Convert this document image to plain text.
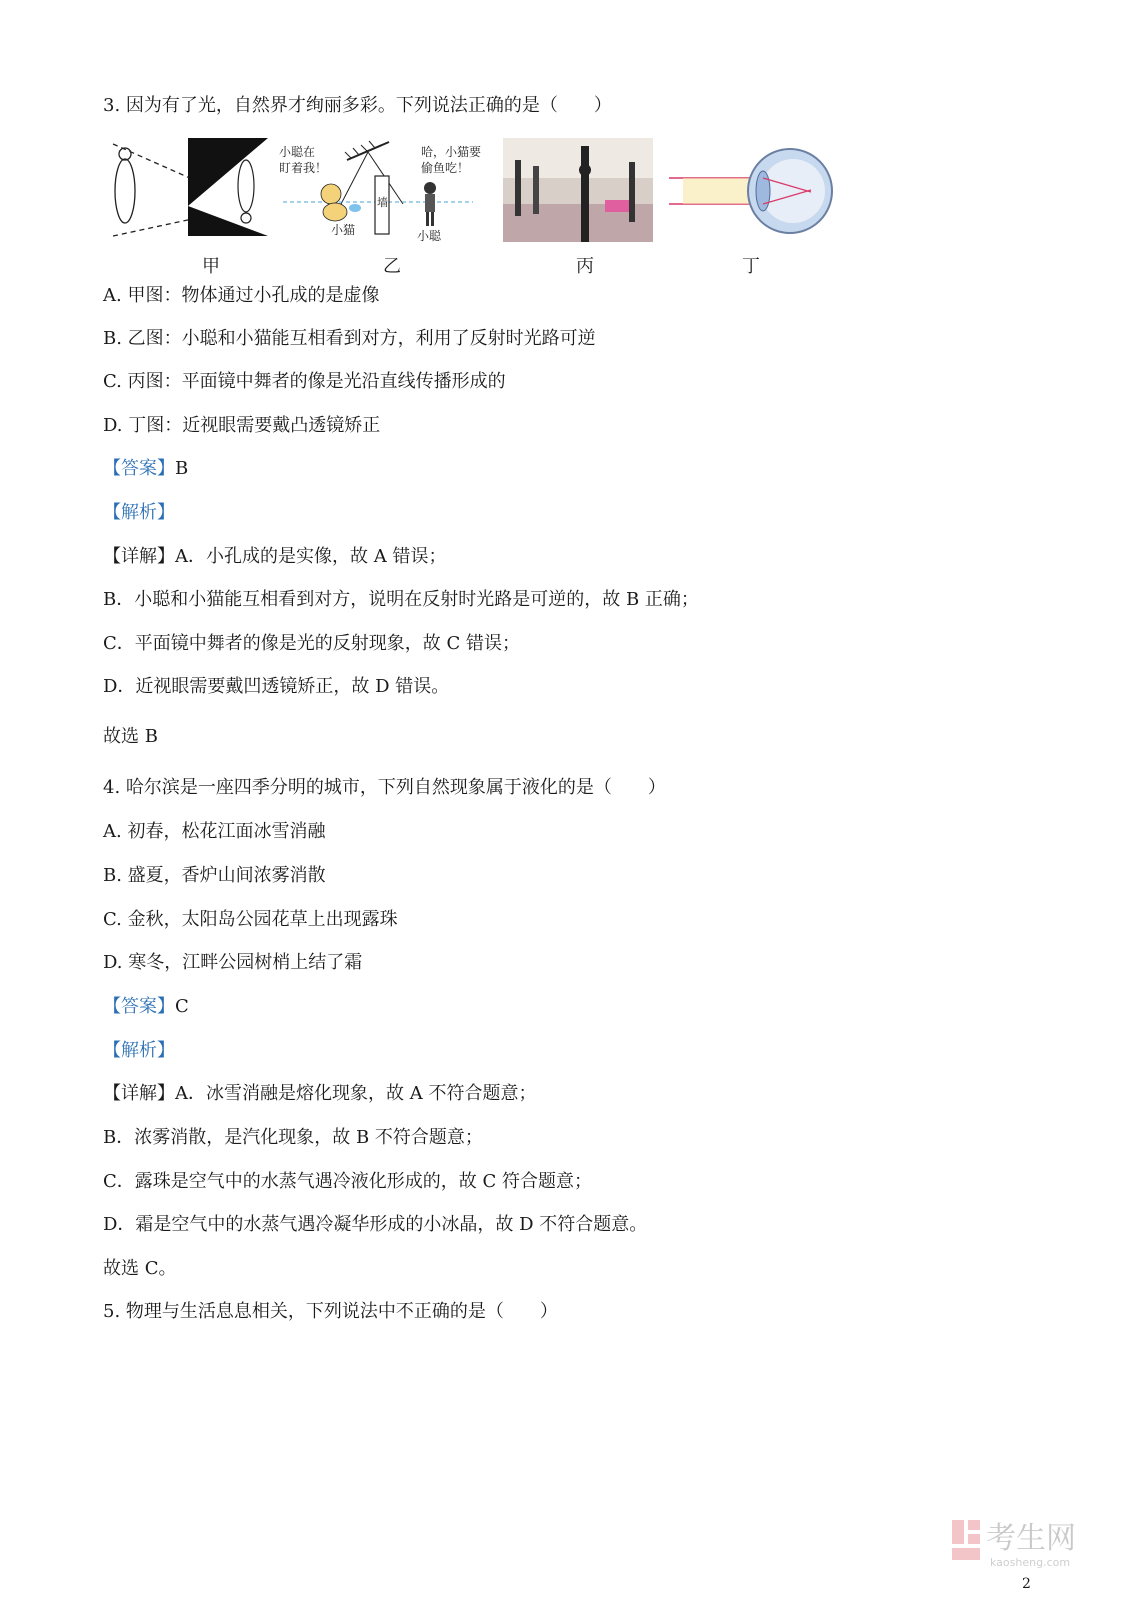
3. 因为有了光，自然界才绚丽多彩。下列说法正确的是（　　）
小聪在
盯着我！
墙
小猫
哈，小猫要
偷鱼吃！
小聪
甲	乙	丙	丁
A. 甲图：物体通过小孔成的是虚像
B. 乙图：小聪和小猫能互相看到对方，利用了反射时光路可逆
C. 丙图：平面镜中舞者的像是光沿直线传播形成的
D. 丁图：近视眼需要戴凸透镜矫正
【答案】B
【解析】
【详解】A．小孔成的是实像，故 A 错误；
B．小聪和小猫能互相看到对方，说明在反射时光路是可逆的，故 B 正确；
C．平面镜中舞者的像是光的反射现象，故 C 错误；
D．近视眼需要戴凹透镜矫正，故 D 错误。
故选 B
4. 哈尔滨是一座四季分明的城市，下列自然现象属于液化的是（　　）
A. 初春，松花江面冰雪消融
B. 盛夏，香炉山间浓雾消散
C. 金秋，太阳岛公园花草上出现露珠
D. 寒冬，江畔公园树梢上结了霜
【答案】C
【解析】
【详解】A．冰雪消融是熔化现象，故 A 不符合题意；
B．浓雾消散，是汽化现象，故 B 不符合题意；
C．露珠是空气中的水蒸气遇冷液化形成的，故 C 符合题意；
D．霜是空气中的水蒸气遇冷凝华形成的小冰晶，故 D 不符合题意。
故选 C。
5. 物理与生活息息相关，下列说法中不正确的是（　　）
考生网
kaosheng.com
2
